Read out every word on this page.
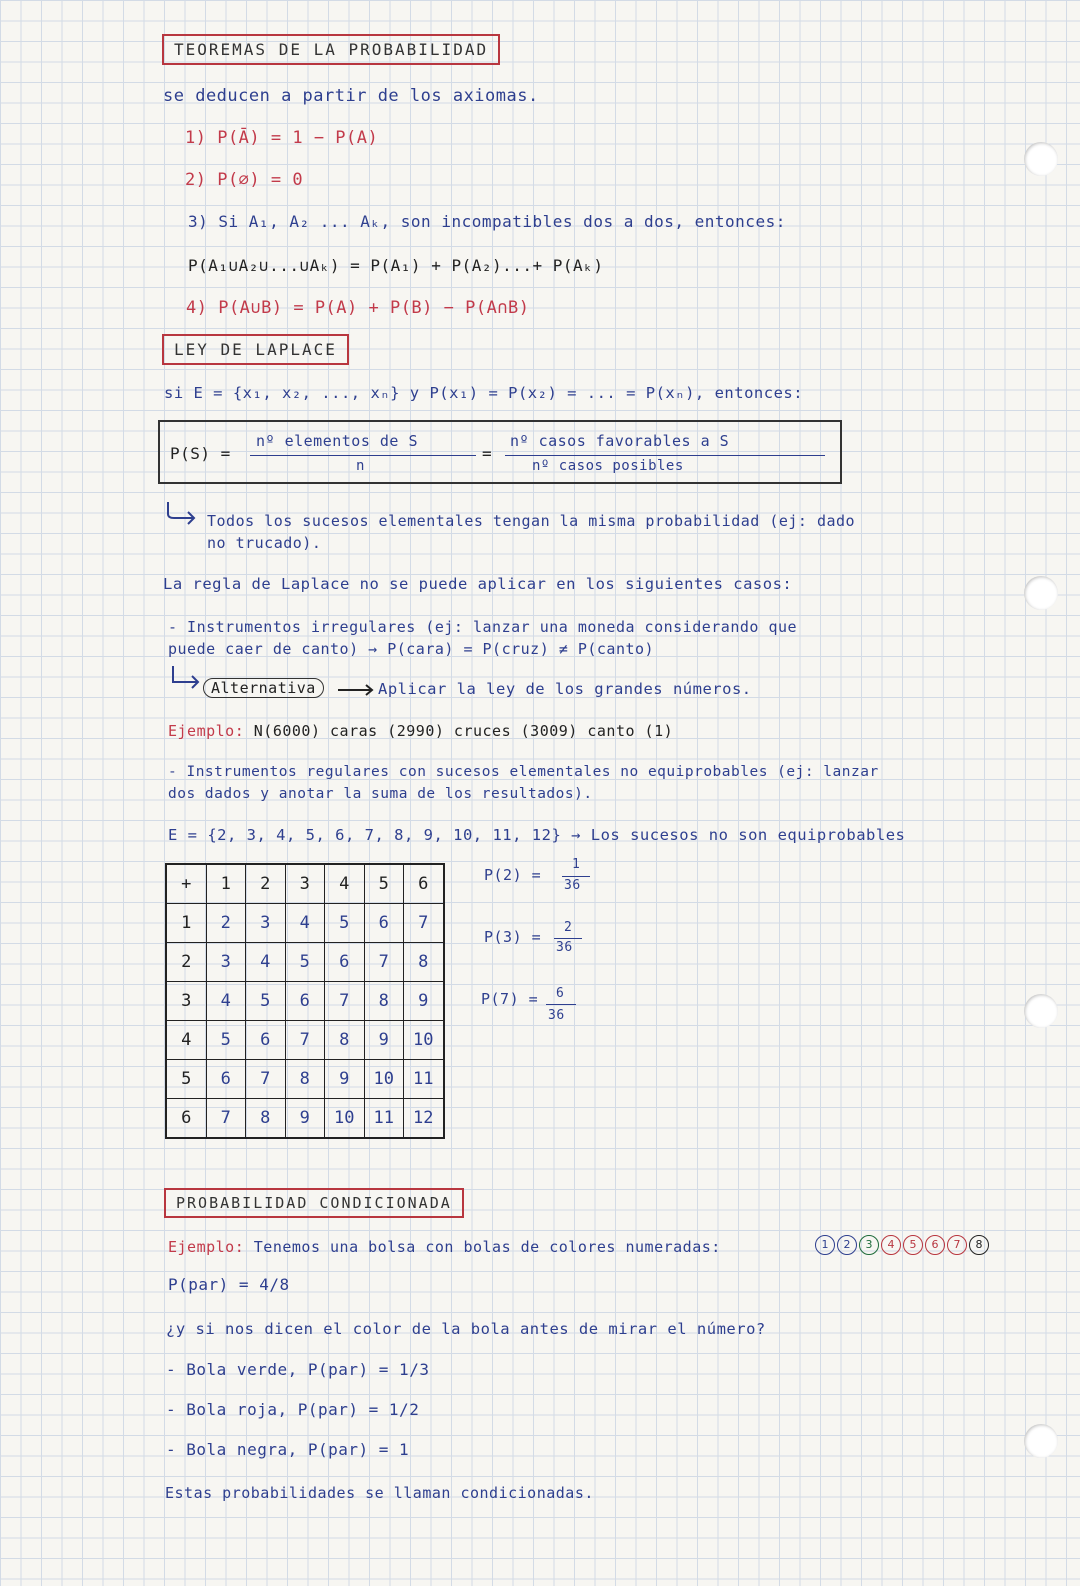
TEOREMAS DE LA PROBABILIDAD
se deducen a partir de los axiomas.
1) P(Ā) = 1 − P(A)
2) P(∅) = 0
3) Si A₁, A₂ ... Aₖ, son incompatibles dos a dos, entonces:
P(A₁∪A₂∪...∪Aₖ) = P(A₁) + P(A₂)...+ P(Aₖ)
4) P(A∪B) = P(A) + P(B) − P(A∩B)
LEY DE LAPLACE
si E = {x₁, x₂, ..., xₙ} y P(x₁) = P(x₂) = ... = P(xₙ), entonces:
P(S) =
nº elementos de S
n
=
nº casos favorables a S
nº casos posibles
Todos los sucesos elementales tengan la misma probabilidad (ej: dado
no trucado).
La regla de Laplace no se puede aplicar en los siguientes casos:
- Instrumentos irregulares (ej: lanzar una moneda considerando que
puede caer de canto) → P(cara) = P(cruz) ≠ P(canto)
Alternativa	Aplicar la ley de los grandes números.
Ejemplo: N(6000) caras (2990) cruces (3009) canto (1)
- Instrumentos regulares con sucesos elementales no equiprobables (ej: lanzar
dos dados y anotar la suma de los resultados).
E = {2, 3, 4, 5, 6, 7, 8, 9, 10, 11, 12} → Los sucesos no son equiprobables
+	1	2	3	4	5	6
1	2	3	4	5	6	7
2	3	4	5	6	7	8
3	4	5	6	7	8	9
4	5	6	7	8	9	10
5	6	7	8	9	10	11
6	7	8	9	10	11	12
P(2) =
1
36
P(3) =
2
36
P(7) = 6
36
PROBABILIDAD CONDICIONADA
Ejemplo: Tenemos una bolsa con bolas de colores numeradas:	1	2	3	4	5	6	7	8
P(par) = 4/8
¿y si nos dicen el color de la bola antes de mirar el número?
- Bola verde, P(par) = 1/3
- Bola roja, P(par) = 1/2
- Bola negra, P(par) = 1
Estas probabilidades se llaman condicionadas.
